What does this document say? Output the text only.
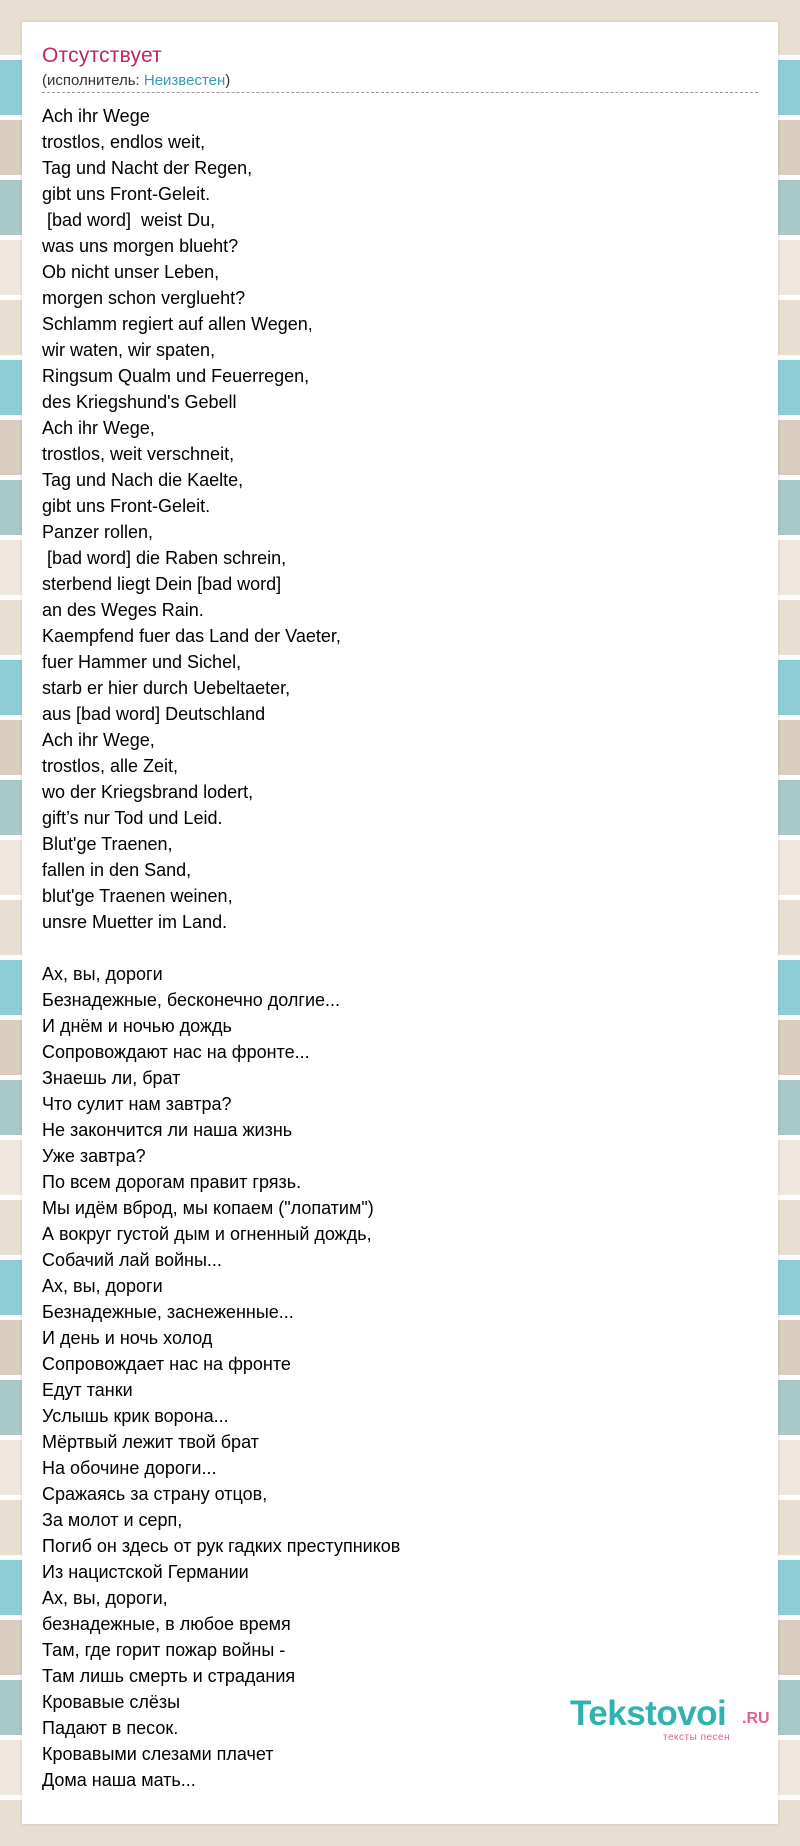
Отсутствует
(исполнитель: Неизвестен)
Ach ihr Wege
trostlos, endlos weit,
Tag und Nacht der Regen,
gibt uns Front-Geleit.
[bad word]  weist Du,
was uns morgen blueht?
Ob nicht unser Leben,
morgen schon verglueht?
Schlamm regiert auf allen Wegen,
wir waten, wir spaten,
Ringsum Qualm und Feuerregen,
des Kriegshund's Gebell
Ach ihr Wege,
trostlos, weit verschneit,
Tag und Nach die Kaelte,
gibt uns Front-Geleit.
Panzer rollen,
[bad word] die Raben schrein,
sterbend liegt Dein [bad word]
an des Weges Rain.
Kaempfend fuer das Land der Vaeter,
fuer Hammer und Sichel,
starb er hier durch Uebeltaeter,
aus [bad word] Deutschland
Ach ihr Wege,
trostlos, alle Zeit,
wo der Kriegsbrand lodert,
gift’s nur Tod und Leid.
Blut'ge Traenen,
fallen in den Sand,
blut'ge Traenen weinen,
unsre Muetter im Land.
Ах, вы, дороги
Безнадежные, бесконечно долгие...
И днём и ночью дождь
Сопровождают нас на фронте...
Знаешь ли, брат
Что сулит нам завтра?
Не закончится ли наша жизнь
Уже завтра?
По всем дорогам правит грязь.
Мы идём вброд, мы копаем ("лопатим")
А вокруг густой дым и огненный дождь,
Собачий лай войны...
Ах, вы, дороги
Безнадежные, заснеженные...
И день и ночь холод
Сопровождает нас на фронте
Едут танки
Услышь крик ворона...
Мёртвый лежит твой брат
На обочине дороги...
Сражаясь за страну отцов,
За молот и серп,
Погиб он здесь от рук гадких преступников
Из нацистской Германии
Ах, вы, дороги,
безнадежные, в любое время
Там, где горит пожар войны -
Там лишь смерть и страдания
Кровавые слёзы
Падают в песок.
Кровавыми слезами плачет
Дома наша мать...
Tekstovoi .RU
тексты песен
